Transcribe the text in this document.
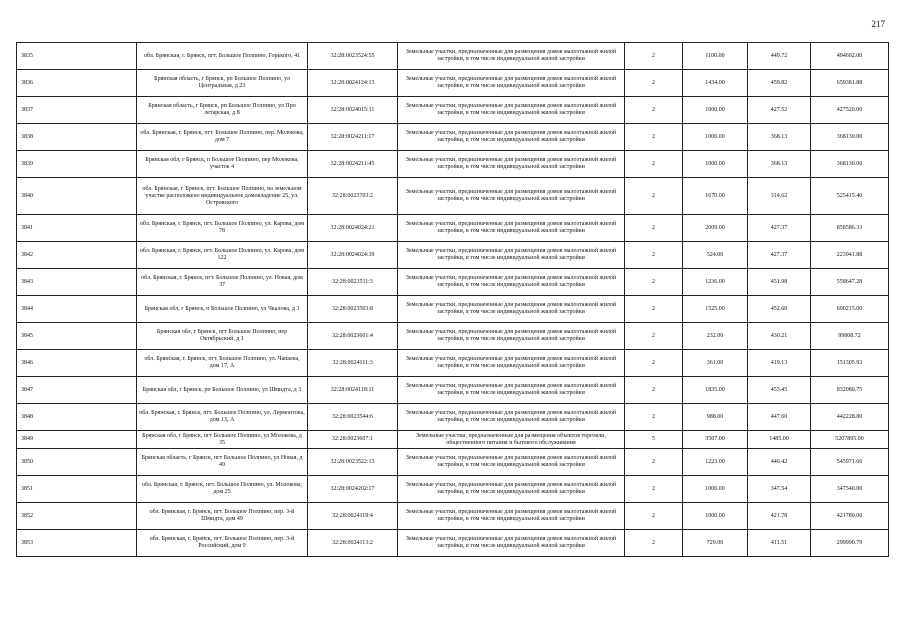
217
3835	обл. Брянская, г. Брянск, пгт. Большое Полпино, Горького, 41	32:28:0023524:55	Земельные участки, предназначенные для размещения домов малоэтажной жилой застройки, в том числе индивидуальной жилой застройки	2	1100.00	449.72	494692.00
3836	Брянская область, г Брянск, рп Большое Полпино, ул Центральная, д 23	32:28:0024124:13	Земельные участки, предназначенные для размещения домов малоэтажной жилой застройки, в том числе индивидуальной жилой застройки	2	1434.00	459.82	659381.88
3837	Брянская область, г Брянск, рп Большое Полпино, ул Про летарская, д 8	32:28:0024015:11	Земельные участки, предназначенные для размещения домов малоэтажной жилой застройки, в том числе индивидуальной жилой застройки	2	1000.00	427.52	427520.00
3838	обл. Брянская, г. Брянск, пгт. Большое Полпино, пер. Молокова, дом 7	32:28:0024211:17	Земельные участки, предназначенные для размещения домов малоэтажной жилой застройки, в том числе индивидуальной жилой застройки	2	1000.00	368.13	368130.00
3839	Брянская обл, г Брянск, п Большое Полпино, пер Молокова, участок 4	32:28:0024211:45	Земельные участки, предназначенные для размещения домов малоэтажной жилой застройки, в том числе индивидуальной жилой застройки	2	1000.00	368.13	368130.00
3840	обл. Брянская, г. Брянск, пгт. Большое Полпино, на земельном участке расположено индивидуальное домовладение 25, ул. Островского	32:28:0023703:2	Земельные участки, предназначенные для размещения домов малоэтажной жилой застройки, в том числе индивидуальной жилой застройки	2	1670.00	314.62	525415.40
3841	обл. Брянская, г. Брянск, пгт. Большое Полпино, ул. Карова, дом 78	32:28:0024024:21	Земельные участки, предназначенные для размещения домов малоэтажной жилой застройки, в том числе индивидуальной жилой застройки	2	2009.00	427.37	858586.33
3842	обл. Брянская, г. Брянск, пгт. Большое Полпино, ул. Карова, дом 122	32:28:0024024:39	Земельные участки, предназначенные для размещения домов малоэтажной жилой застройки, в том числе индивидуальной жилой застройки	2	524.00	427.37	223941.88
3843	обл. Брянская, г. Брянск, пгт. Большое Полпино, ул. Новая, дом 37	32:28:0023511:3	Земельные участки, предназначенные для размещения домов малоэтажной жилой застройки, в том числе индивидуальной жилой застройки	2	1236.00	451.98	558647.28
3844	Брянская обл, г Брянск, п Большое Полпино, ул Чкалова, д 3	32:28:0023503:8	Земельные участки, предназначенные для размещения домов малоэтажной жилой застройки, в том числе индивидуальной жилой застройки	2	1525.00	452.60	690215.00
3845	Брянская обл, г Брянск, пгт Большое Полпино, пер Октябрьский, д 1	32:28:0023601:4	Земельные участки, предназначенные для размещения домов малоэтажной жилой застройки, в том числе индивидуальной жилой застройки	2	232.00	430.21	99808.72
3846	обл. Брянская, г. Брянск, пгт. Большое Полпино, ул. Чапаева, дом 17, А	32:28:0024111:3	Земельные участки, предназначенные для размещения домов малоэтажной жилой застройки, в том числе индивидуальной жилой застройки	2	361.00	419.13	151305.93
3847	Брянская обл, г Брянск, рп Большое Полпино, ул Шмидта, д 3	32:28:0024118:11	Земельные участки, предназначенные для размещения домов малоэтажной жилой застройки, в том числе индивидуальной жилой застройки	2	1835.00	453.45	832080.75
3848	обл. Брянская, г. Брянск, пгт. Большое Полпино, ул. Лермонтова, дом 13, А	32:28:0023544:6	Земельные участки, предназначенные для размещения домов малоэтажной жилой застройки, в том числе индивидуальной жилой застройки	2	988.00	447.60	442228.80
3849	Брянская обл, г Брянск, пгт Большое Полпино, ул Молокова, д 35	32:28:0023607:1	Земельные участки, предназначенные для размещения объектов торговли, общественного питания и бытового обслуживания	5	3507.00	1485.00	5207895.00
3850	Брянская область, г Брянск, пгт Большое Полпино, ул Новая, д 49	32:28:0023522:13	Земельные участки, предназначенные для размещения домов малоэтажной жилой застройки, в том числе индивидуальной жилой застройки	2	1223.00	446.42	545971.66
3851	обл. Брянская, г. Брянск, пгт. Большое Полпино, ул. Молокова, дом 25	32:28:0024202:17	Земельные участки, предназначенные для размещения домов малоэтажной жилой застройки, в том числе индивидуальной жилой застройки	2	1000.00	347.54	347540.00
3852	обл. Брянская, г. Брянск, пгт. Большое Полпино, пер. 3-й Шмидта, дом 49	32:28:0024119:4	Земельные участки, предназначенные для размещения домов малоэтажной жилой застройки, в том числе индивидуальной жилой застройки	2	1000.00	421.78	421780.00
3853	обл. Брянская, г. Брянск, пгт. Большое Полпино, пер. 3-й Российский, дом 9	32:28:0024113:2	Земельные участки, предназначенные для размещения домов малоэтажной жилой застройки, в том числе индивидуальной жилой застройки	2	729.00	411.51	299990.79
